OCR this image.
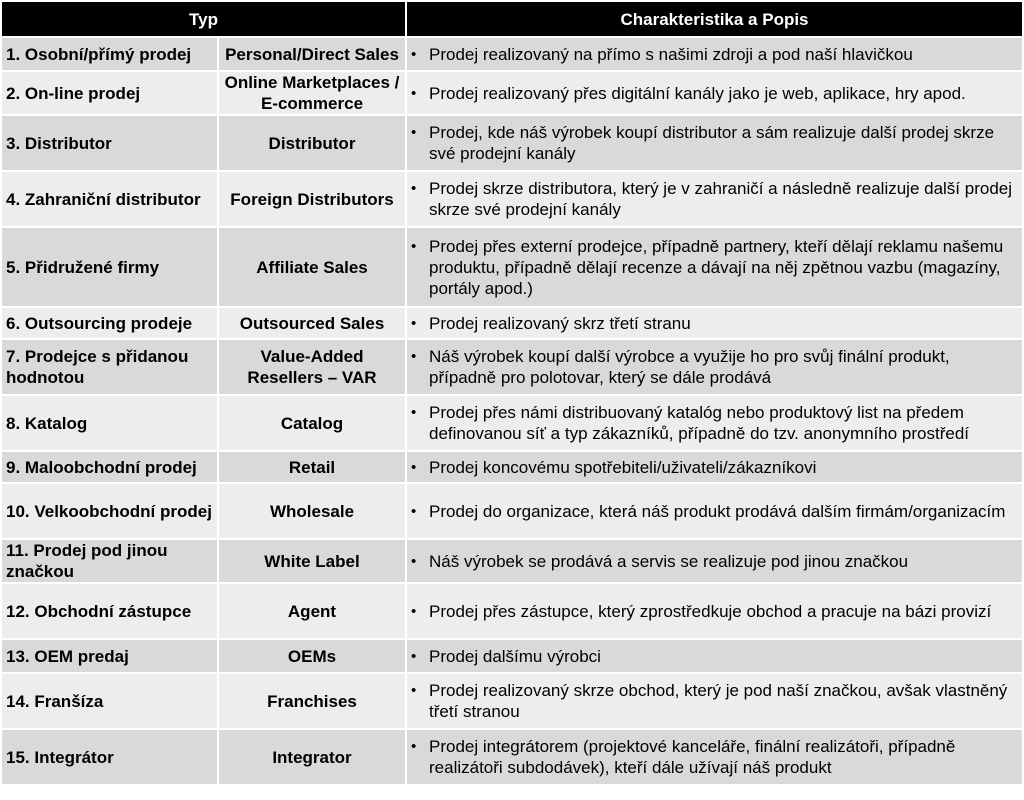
Typ		Charakteristika a Popis
1. Osobní/přímý prodej	Personal/Direct Sales	• Prodej realizovaný na přímo s našimi zdroji a pod naší hlavičkou

2. On-line prodej	Online Marketplaces / E-commerce	• Prodej realizovaný přes digitální kanály jako je web, aplikace, hry apod.

3. Distributor	Distributor	• Prodej, kde náš výrobek koupí distributor a sám realizuje další prodej skrze své prodejní kanály

4. Zahraniční distributor	Foreign Distributors	• Prodej skrze distributora, který je v zahraničí a následně realizuje další prodej skrze své prodejní kanály

5. Přidružené firmy	Affiliate Sales	• Prodej přes externí prodejce, případně partnery, kteří dělají reklamu našemu produktu, případně dělají recenze a dávají na něj zpětnou vazbu (magazíny, portály apod.)

6. Outsourcing prodeje	Outsourced Sales	• Prodej realizovaný skrz třetí stranu

7. Prodejce s přidanou hodnotou	Value-Added Resellers – VAR	• Náš výrobek koupí další výrobce a využije ho pro svůj finální produkt, případně pro polotovar, který se dále prodává

8. Katalog	Catalog	• Prodej přes námi distribuovaný katalóg nebo produktový list na předem definovanou síť a typ zákazníků, případně do tzv. anonymního prostředí

9. Maloobchodní prodej	Retail	• Prodej koncovému spotřebiteli/uživateli/zákazníkovi

10. Velkoobchodní prodej	Wholesale	• Prodej do organizace, která náš produkt prodává dalším firmám/organizacím

11. Prodej pod jinou značkou	White Label	• Náš výrobek se prodává a servis se realizuje pod jinou značkou

12. Obchodní zástupce	Agent	• Prodej přes zástupce, který zprostředkuje obchod a pracuje na bázi provizí

13. OEM predaj	OEMs	• Prodej dalšímu výrobci

14. Franšíza	Franchises	• Prodej realizovaný skrze obchod, který je pod naší značkou, avšak vlastněný třetí stranou

15. Integrátor	Integrator	• Prodej integrátorem (projektové kanceláře, finální realizátoři, případně realizátoři subdodávek), kteří dále užívají náš produkt
